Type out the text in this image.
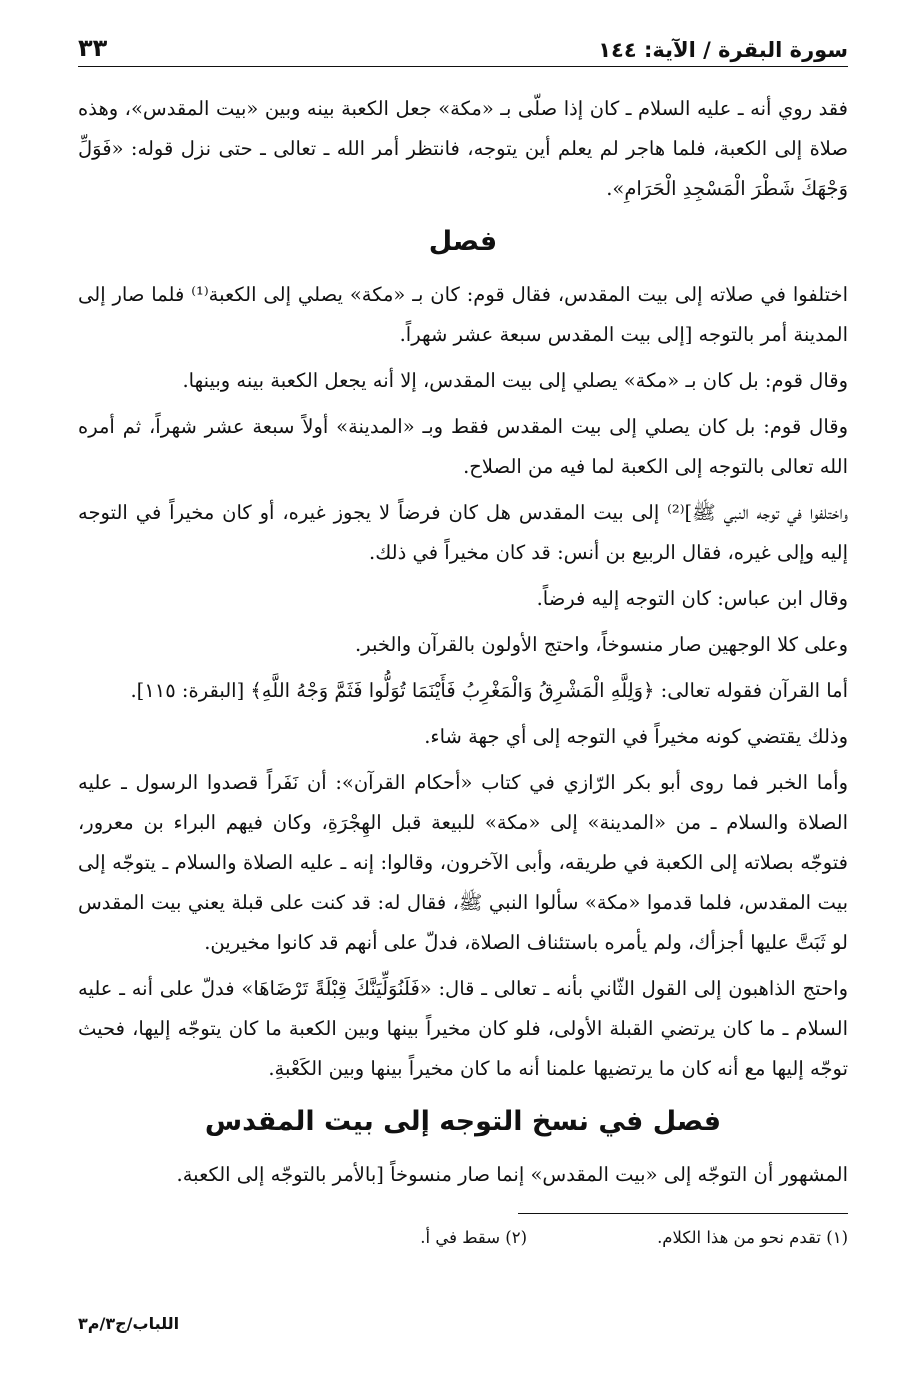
سورة البقرة / الآية: ١٤٤
٣٣

فقد روي أنه ـ عليه السلام ـ كان إذا صلّى بـ «مكة» جعل الكعبة بينه وبين «بيت المقدس»، وهذه صلاة إلى الكعبة، فلما هاجر لم يعلم أين يتوجه، فانتظر أمر الله ـ تعالى ـ حتى نزل قوله: «فَوَلِّ وَجْهَكَ شَطْرَ الْمَسْجِدِ الْحَرَامِ».

فصل

اختلفوا في صلاته إلى بيت المقدس، فقال قوم: كان بـ «مكة» يصلي إلى الكعبة⁽¹⁾ فلما صار إلى المدينة أمر بالتوجه [إلى بيت المقدس سبعة عشر شهراً.

وقال قوم: بل كان بـ «مكة» يصلي إلى بيت المقدس، إلا أنه يجعل الكعبة بينه وبينها.

وقال قوم: بل كان يصلي إلى بيت المقدس فقط وبـ «المدينة» أولاً سبعة عشر شهراً، ثم أمره الله تعالى بالتوجه إلى الكعبة لما فيه من الصلاح.

واختلفوا في توجه النبي ﷺ]⁽²⁾ إلى بيت المقدس هل كان فرضاً لا يجوز غيره، أو كان مخيراً في التوجه إليه وإلى غيره، فقال الربيع بن أنس: قد كان مخيراً في ذلك.

وقال ابن عباس: كان التوجه إليه فرضاً.

وعلى كلا الوجهين صار منسوخاً، واحتج الأولون بالقرآن والخبر.

أما القرآن فقوله تعالى: ﴿وَلِلَّهِ الْمَشْرِقُ وَالْمَغْرِبُ فَأَيْنَمَا تُوَلُّوا فَثَمَّ وَجْهُ اللَّهِ﴾ [البقرة: ١١٥].

وذلك يقتضي كونه مخيراً في التوجه إلى أي جهة شاء.

وأما الخبر فما روى أبو بكر الرّازي في كتاب «أحكام القرآن»: أن نَفَراً قصدوا الرسول ـ عليه الصلاة والسلام ـ من «المدينة» إلى «مكة» للبيعة قبل الهِجْرَةِ، وكان فيهم البراء بن معرور، فتوجّه بصلاته إلى الكعبة في طريقه، وأبى الآخرون، وقالوا: إنه ـ عليه الصلاة والسلام ـ يتوجّه إلى بيت المقدس، فلما قدموا «مكة» سألوا النبي ﷺ، فقال له: قد كنت على قبلة يعني بيت المقدس لو ثَبَتَّ عليها أجزأك، ولم يأمره باستئناف الصلاة، فدلّ على أنهم قد كانوا مخيرين.

واحتج الذاهبون إلى القول الثّاني بأنه ـ تعالى ـ قال: «فَلَنُوَلِّيَنَّكَ قِبْلَةً تَرْضَاهَا» فدلّ على أنه ـ عليه السلام ـ ما كان يرتضي القبلة الأولى، فلو كان مخيراً بينها وبين الكعبة ما كان يتوجّه إليها، فحيث توجّه إليها مع أنه كان ما يرتضيها علمنا أنه ما كان مخيراً بينها وبين الكَعْبةِ.

فصل في نسخ التوجه إلى بيت المقدس

المشهور أن التوجّه إلى «بيت المقدس» إنما صار منسوخاً [بالأمر بالتوجّه إلى الكعبة.

(١) تقدم نحو من هذا الكلام.
(٢) سقط في أ.
اللباب/ج٣/م٣
